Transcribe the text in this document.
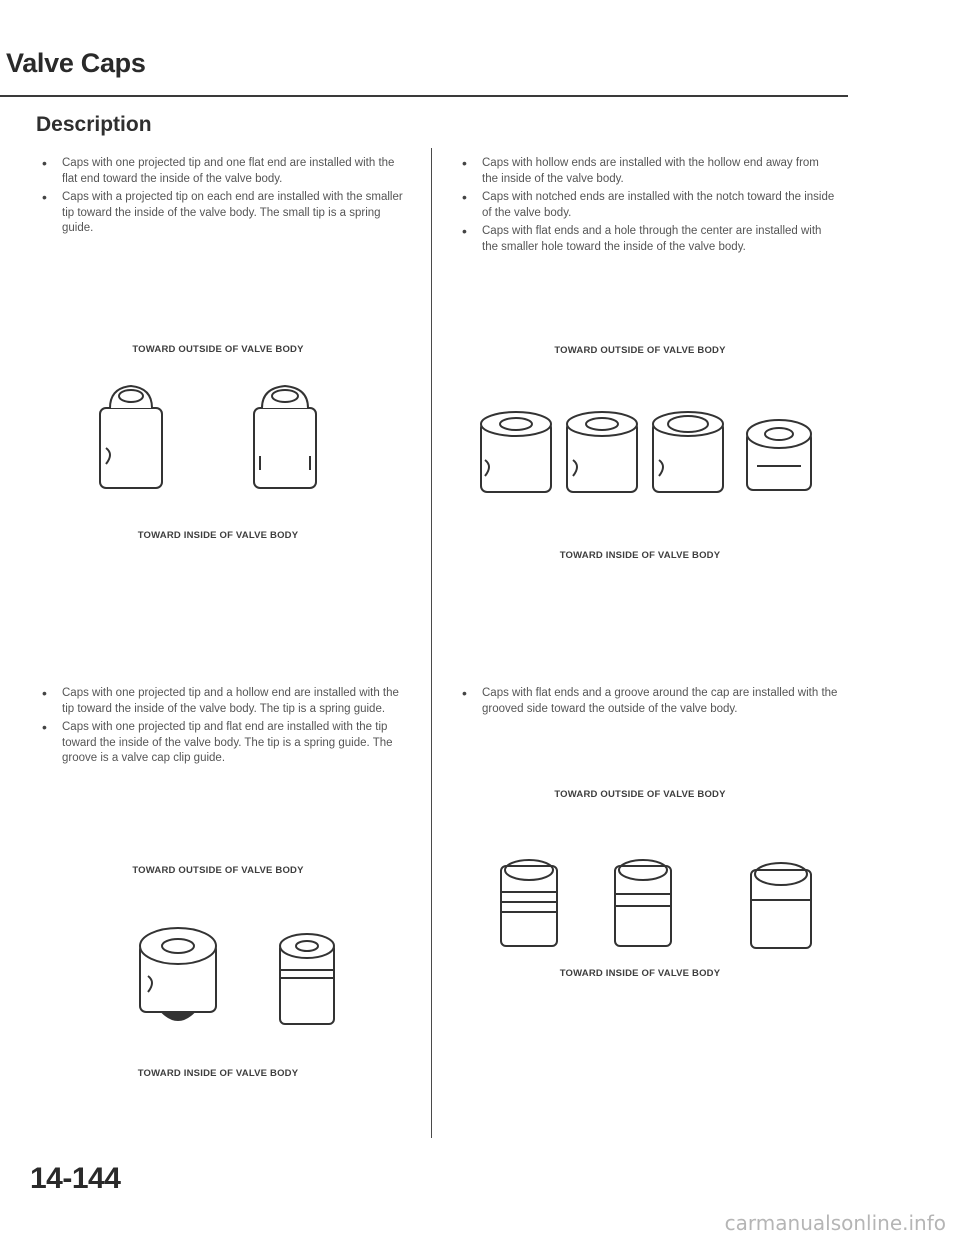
Valve Caps
Description
• Caps with one projected tip and one flat end are installed with the flat end toward the inside of the valve body.
• Caps with a projected tip on each end are installed with the smaller tip toward the inside of the valve body. The small tip is a spring guide.

TOWARD OUTSIDE OF VALVE BODY

TOWARD INSIDE OF VALVE BODY

• Caps with one projected tip and a hollow end are installed with the tip toward the inside of the valve body. The tip is a spring guide.
• Caps with one projected tip and flat end are installed with the tip toward the inside of the valve body. The tip is a spring guide. The groove is a valve cap clip guide.

TOWARD OUTSIDE OF VALVE BODY

TOWARD INSIDE OF VALVE BODY

• Caps with hollow ends are installed with the hollow end away from the inside of the valve body.
• Caps with notched ends are installed with the notch toward the inside of the valve body.
• Caps with flat ends and a hole through the center are installed with the smaller hole toward the inside of the valve body.

TOWARD OUTSIDE OF VALVE BODY

TOWARD INSIDE OF VALVE BODY

• Caps with flat ends and a groove around the cap are installed with the grooved side toward the outside of the valve body.

TOWARD OUTSIDE OF VALVE BODY

TOWARD INSIDE OF VALVE BODY

14-144

carmanualsonline.info
